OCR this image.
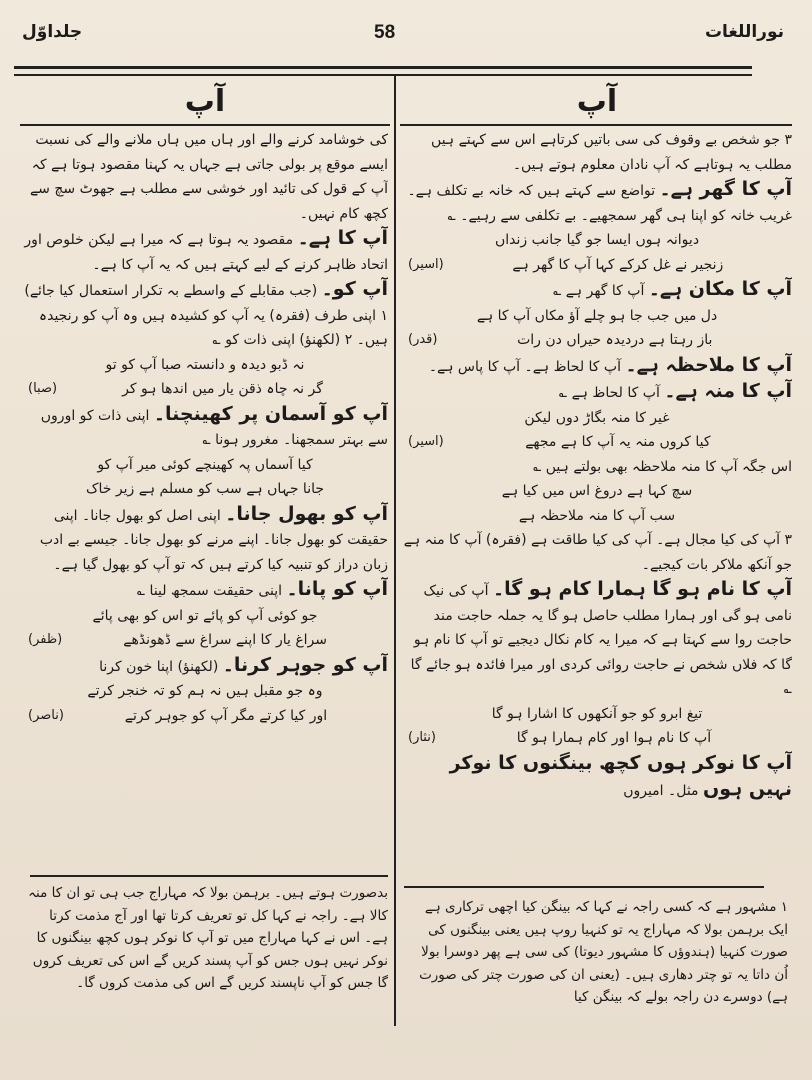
جلداوّل	58	نوراللغات
آپ
آپ

۳ جو شخص بے وقوف کی سی باتیں کرتاہے اس سے کہتے ہیں مطلب یہ ہوتاہے کہ آپ نادان معلوم ہوتے ہیں۔

آپ کا گھر ہے۔ تواضع سے کہتے ہیں کہ خانہ بے تکلف ہے۔ غریب خانہ کو اپنا ہی گھر سمجھیے۔ بے تکلفی سے رہیے۔ ؎

دیوانہ ہوں ایسا جو گیا جانب زنداں

(اسیر)	زنجیر نے غل کرکے کہا آپ کا گھر ہے

آپ کا مکان ہے۔ آپ کا گھر ہے ؎

دل میں جب جا ہو چلے آؤ مکاں آپ کا ہے

(قدر)	باز رہتا ہے دردیدہ حیراں دن رات

آپ کا ملاحظہ ہے۔ آپ کا لحاظ ہے۔ آپ کا پاس ہے۔

آپ کا منہ ہے۔ آپ کا لحاظ ہے ؎

غیر کا منہ بگاڑ دوں لیکن

(اسیر)	کیا کروں منہ یہ آپ کا ہے مجھے

اس جگہ آپ کا منہ ملاحظہ بھی بولتے ہیں ؎

سچ کہا ہے دروغ اس میں کیا ہے

سب آپ کا منہ ملاحظہ ہے

۳ آپ کی کیا مجال ہے۔ آپ کی کیا طاقت ہے (فقرہ) آپ کا منہ ہے جو آنکھ ملاکر بات کیجیے۔

آپ کا نام ہو گا ہمارا کام ہو گا۔ آپ کی نیک نامی ہو گی اور ہمارا مطلب حاصل ہو گا یہ جملہ حاجت مند حاجت روا سے کہتا ہے کہ میرا یہ کام نکال دیجیے تو آپ کا نام ہو گا کہ فلاں شخص نے حاجت روائی کردی اور میرا فائدہ ہو جائے گا ؎

تیغ ابرو کو جو آنکھوں کا اشارا ہو گا

(نثار)	آپ کا نام ہوا اور کام ہمارا ہو گا

آپ کا نوکر ہوں کچھ بینگنوں کا نوکر نہیں ہوں مثل۔ امیروں

کی خوشامد کرنے والے اور ہاں میں ہاں ملانے والے کی نسبت ایسے موقع پر بولی جاتی ہے جہاں یہ کہنا مقصود ہوتا ہے کہ آپ کے قول کی تائید اور خوشی سے مطلب ہے جھوٹ سچ سے کچھ کام نہیں۔

آپ کا ہے۔ مقصود یہ ہوتا ہے کہ میرا ہے لیکن خلوص اور اتحاد ظاہر کرنے کے لیے کہتے ہیں کہ یہ آپ کا ہے۔

آپ کو۔ (جب مقابلے کے واسطے بہ تکرار استعمال کیا جائے) ۱ اپنی طرف (فقرہ) یہ آپ کو کشیدہ ہیں وہ آپ کو رنجیدہ ہیں۔ ۲ (لکھنؤ) اپنی ذات کو ؎

نہ ڈبو دیدہ و دانستہ صبا آپ کو تو

(صبا)	گر نہ چاہ ذقن یار میں اندھا ہو کر

آپ کو آسمان پر کھینچنا۔ اپنی ذات کو اوروں سے بہتر سمجھنا۔ مغرور ہونا ؎

کیا آسماں پہ کھینچے کوئی میر آپ کو

جانا جہاں ہے سب کو مسلم ہے زیر خاک

آپ کو بھول جانا۔ اپنی اصل کو بھول جانا۔ اپنی حقیقت کو بھول جانا۔ اپنے مرنے کو بھول جانا۔ جیسے بے ادب زبان دراز کو تنبیہ کیا کرتے ہیں کہ تو آپ کو بھول گیا ہے۔

آپ کو پانا۔ اپنی حقیقت سمجھ لینا ؎

جو کوئی آپ کو پائے تو اس کو بھی پائے

(ظفر)	سراغ یار کا اپنے سراغ سے ڈھونڈھے

آپ کو جوہر کرنا۔ (لکھنؤ) اپنا خون کرنا

وہ جو مقبل ہیں نہ ہم کو تہ خنجر کرتے

(ناصر)	اور کیا کرتے مگر آپ کو جوہر کرتے

۱ مشہور ہے کہ کسی راجہ نے کہا کہ بینگن کیا اچھی ترکاری ہے ایک برہمن بولا کہ مہاراج یہ تو کنہیا روپ ہیں یعنی بینگنوں کی صورت کنہیا (ہندوؤں کا مشہور دیوتا) کی سی ہے پھر دوسرا بولا اُن داتا یہ تو چتر دھاری ہیں۔ (یعنی ان کی صورت چتر کی صورت ہے) دوسرے دن راجہ بولے کہ بینگن کیا
بدصورت ہوتے ہیں۔ برہمن بولا کہ مہاراج جب ہی تو ان کا منہ کالا ہے۔ راجہ نے کہا کل تو تعریف کرتا تھا اور آج مذمت کرتا ہے۔ اس نے کہا مہاراج میں تو آپ کا نوکر ہوں کچھ بینگنوں کا نوکر نہیں ہوں جس کو آپ پسند کریں گے اس کی تعریف کروں گا جس کو آپ ناپسند کریں گے اس کی مذمت کروں گا۔
